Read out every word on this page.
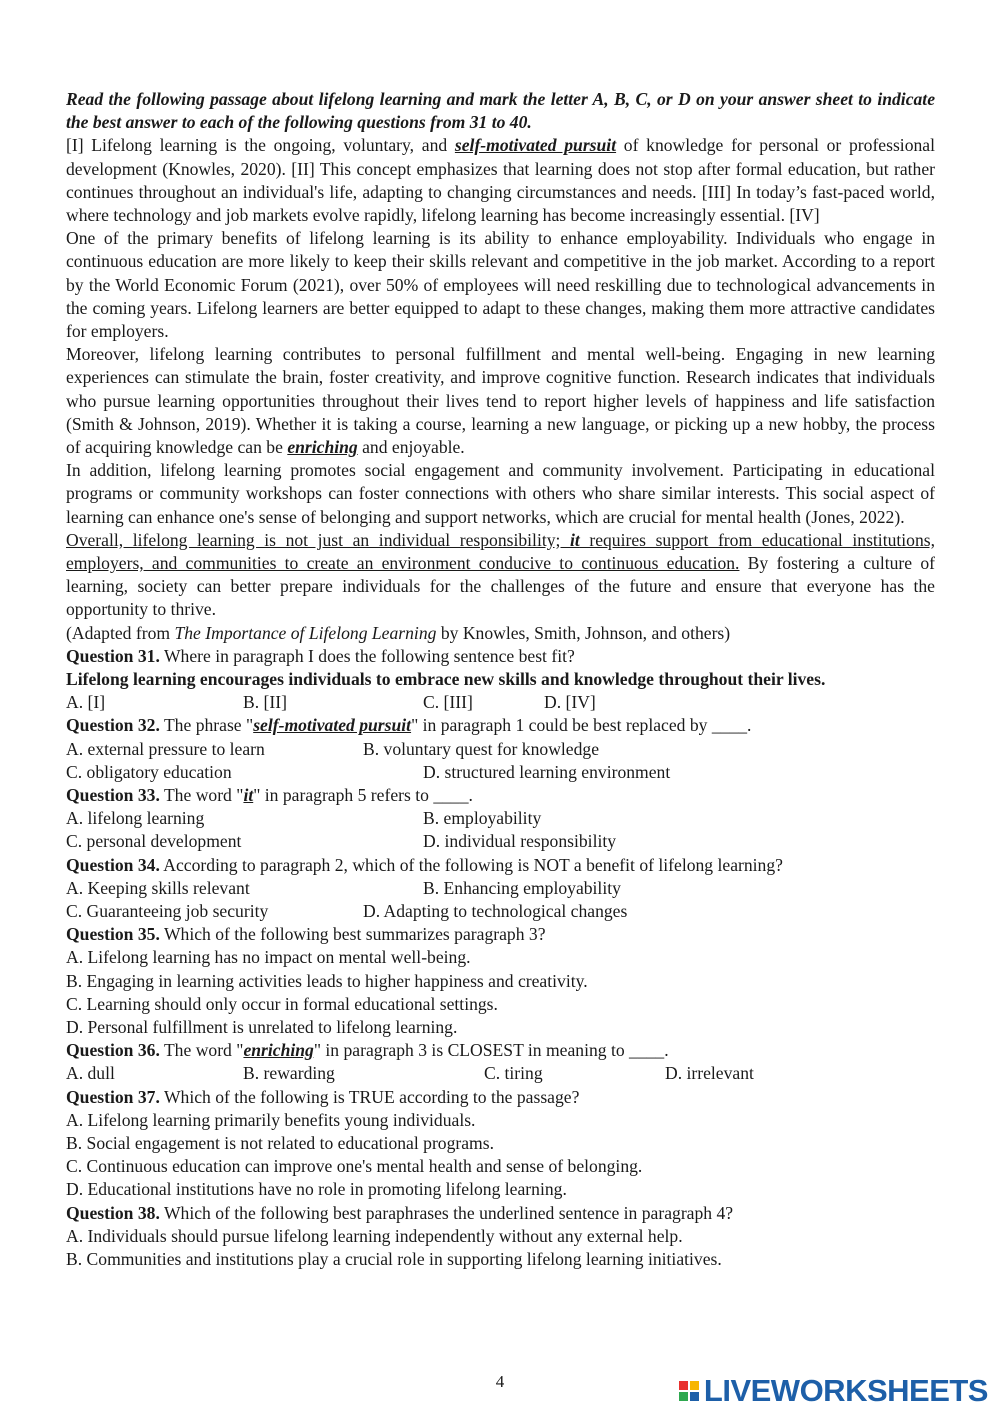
Read the following passage about lifelong learning and mark the letter A, B, C, or D on your answer sheet to indicate the best answer to each of the following questions from 31 to 40.
[I] Lifelong learning is the ongoing, voluntary, and self-motivated pursuit of knowledge for personal or professional development (Knowles, 2020). [II] This concept emphasizes that learning does not stop after formal education, but rather continues throughout an individual's life, adapting to changing circumstances and needs. [III] In today’s fast-paced world, where technology and job markets evolve rapidly, lifelong learning has become increasingly essential. [IV]
One of the primary benefits of lifelong learning is its ability to enhance employability. Individuals who engage in continuous education are more likely to keep their skills relevant and competitive in the job market. According to a report by the World Economic Forum (2021), over 50% of employees will need reskilling due to technological advancements in the coming years. Lifelong learners are better equipped to adapt to these changes, making them more attractive candidates for employers.
Moreover, lifelong learning contributes to personal fulfillment and mental well-being. Engaging in new learning experiences can stimulate the brain, foster creativity, and improve cognitive function. Research indicates that individuals who pursue learning opportunities throughout their lives tend to report higher levels of happiness and life satisfaction (Smith & Johnson, 2019). Whether it is taking a course, learning a new language, or picking up a new hobby, the process of acquiring knowledge can be enriching and enjoyable.
In addition, lifelong learning promotes social engagement and community involvement. Participating in educational programs or community workshops can foster connections with others who share similar interests. This social aspect of learning can enhance one's sense of belonging and support networks, which are crucial for mental health (Jones, 2022).
Overall, lifelong learning is not just an individual responsibility; it requires support from educational institutions, employers, and communities to create an environment conducive to continuous education. By fostering a culture of learning, society can better prepare individuals for the challenges of the future and ensure that everyone has the opportunity to thrive.
(Adapted from The Importance of Lifelong Learning by Knowles, Smith, Johnson, and others)
Question 31. Where in paragraph I does the following sentence best fit?
Lifelong learning encourages individuals to embrace new skills and knowledge throughout their lives.
A. [I]	B. [II]	C. [III]	D. [IV]
Question 32. The phrase "self-motivated pursuit" in paragraph 1 could be best replaced by ____.
A. external pressure to learn	B. voluntary quest for knowledge
C. obligatory education	D. structured learning environment
Question 33. The word "it" in paragraph 5 refers to ____.
A. lifelong learning	B. employability
C. personal development	D. individual responsibility
Question 34. According to paragraph 2, which of the following is NOT a benefit of lifelong learning?
A. Keeping skills relevant	B. Enhancing employability
C. Guaranteeing job security	D. Adapting to technological changes
Question 35. Which of the following best summarizes paragraph 3?
A. Lifelong learning has no impact on mental well-being.
B. Engaging in learning activities leads to higher happiness and creativity.
C. Learning should only occur in formal educational settings.
D. Personal fulfillment is unrelated to lifelong learning.
Question 36. The word "enriching" in paragraph 3 is CLOSEST in meaning to ____.
A. dull	B. rewarding	C. tiring	D. irrelevant
Question 37. Which of the following is TRUE according to the passage?
A. Lifelong learning primarily benefits young individuals.
B. Social engagement is not related to educational programs.
C. Continuous education can improve one's mental health and sense of belonging.
D. Educational institutions have no role in promoting lifelong learning.
Question 38. Which of the following best paraphrases the underlined sentence in paragraph 4?
A. Individuals should pursue lifelong learning independently without any external help.
B. Communities and institutions play a crucial role in supporting lifelong learning initiatives.
4	LIVEWORKSHEETS
